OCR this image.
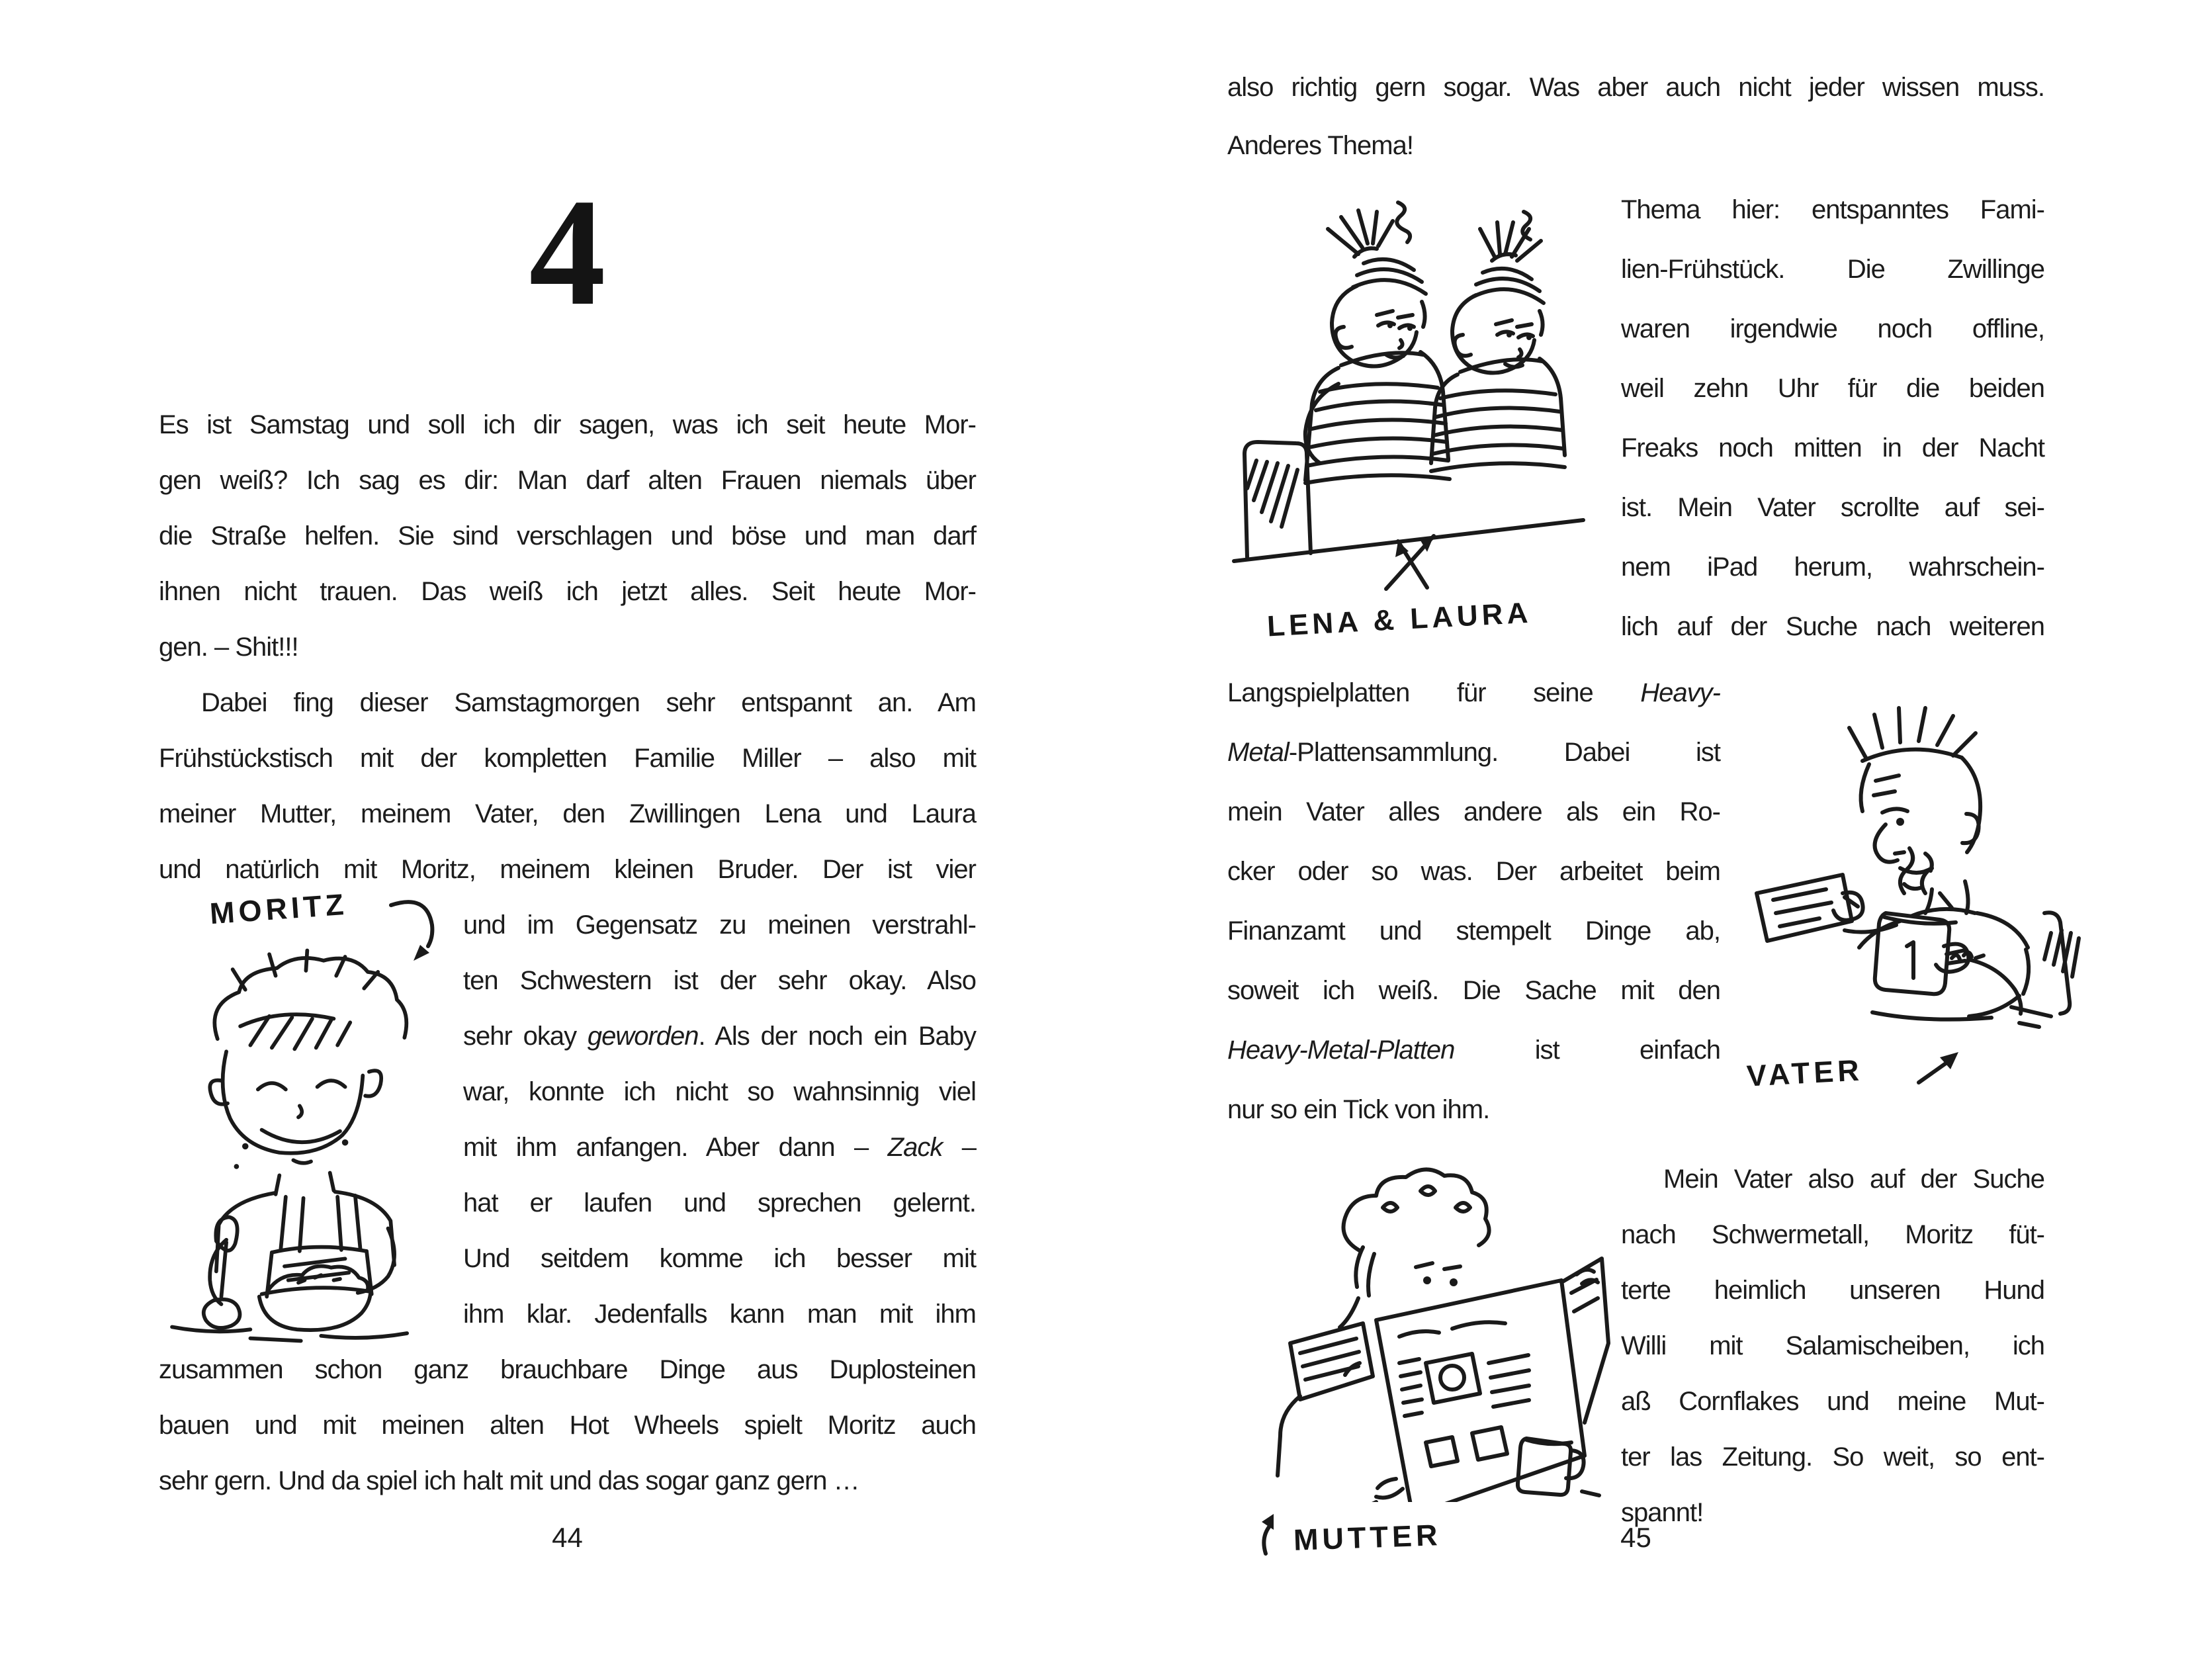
4
Es ist Samstag und soll ich dir sagen, was ich seit heute Mor-
gen weiß? Ich sag es dir: Man darf alten Frauen niemals über
die Straße helfen. Sie sind verschlagen und böse und man darf
ihnen nicht trauen. Das weiß ich jetzt alles. Seit heute Mor-
gen. – Shit!!!
Dabei fing dieser Samstagmorgen sehr entspannt an. Am
Frühstückstisch mit der kompletten Familie Miller – also mit
meiner Mutter, meinem Vater, den Zwillingen Lena und Laura
und natürlich mit Moritz, meinem kleinen Bruder. Der ist vier
MORITZ	und im Gegensatz zu meinen verstrahl-
ten Schwestern ist der sehr okay. Also
sehr okay geworden. Als der noch ein Baby
war, konnte ich nicht so wahnsinnig viel
mit ihm anfangen. Aber dann – Zack –
hat er laufen und sprechen gelernt.
Und seitdem komme ich besser mit
ihm klar. Jedenfalls kann man mit ihm
zusammen schon ganz brauchbare Dinge aus Duplosteinen
bauen und mit meinen alten Hot Wheels spielt Moritz auch
sehr gern. Und da spiel ich halt mit und das sogar ganz gern …
44
also richtig gern sogar. Was aber auch nicht jeder wissen muss.
Anderes Thema!
LENA & LAURA
Thema hier: entspanntes Fami-
lien-Frühstück. Die Zwillinge
waren irgendwie noch offline,
weil zehn Uhr für die beiden
Freaks noch mitten in der Nacht
ist. Mein Vater scrollte auf sei-
nem iPad herum, wahrschein-
lich auf der Suche nach weiteren
Langspielplatten für seine Heavy-
Metal-Plattensammlung. Dabei ist
mein Vater alles andere als ein Ro-
cker oder so was. Der arbeitet beim
Finanzamt und stempelt Dinge ab,
soweit ich weiß. Die Sache mit den
Heavy-Metal-Platten ist einfach
nur so ein Tick von ihm.
VATER
MUTTER
Mein Vater also auf der Suche
nach Schwermetall, Moritz füt-
terte heimlich unseren Hund
Willi mit Salamischeiben, ich
aß Cornflakes und meine Mut-
ter las Zeitung. So weit, so ent-
spannt!
45
